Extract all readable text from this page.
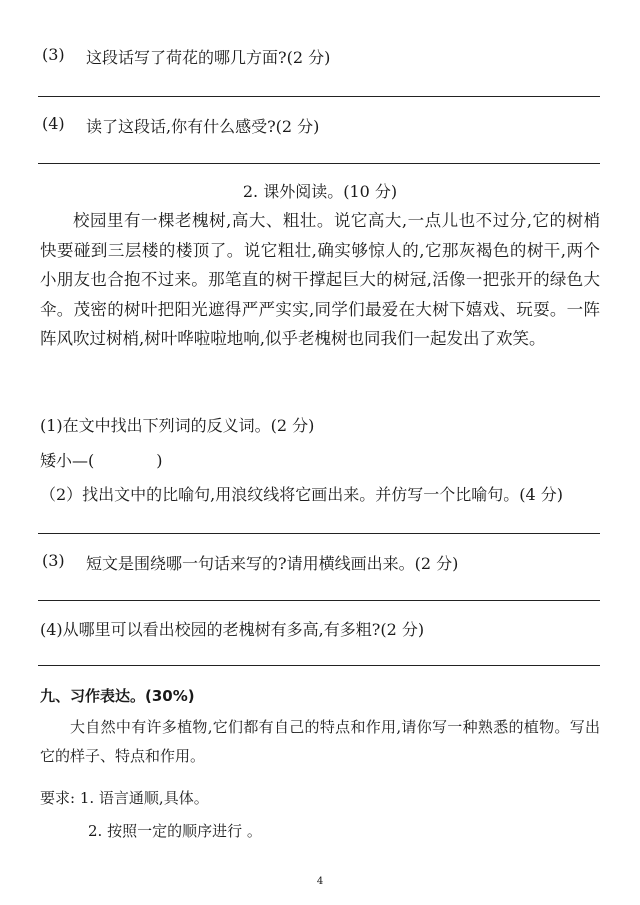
(3) 这段话写了荷花的哪几方面?(2 分)
(4) 读了这段话,你有什么感受?(2 分)
2. 课外阅读。(10 分)
校园里有一棵老槐树,高大、粗壮。说它高大,一点儿也不过分,它的树梢快要碰到三层楼的楼顶了。说它粗壮,确实够惊人的,它那灰褐色的树干,两个小朋友也合抱不过来。那笔直的树干撑起巨大的树冠,活像一把张开的绿色大伞。茂密的树叶把阳光遮得严严实实,同学们最爱在大树下嬉戏、玩耍。一阵阵风吹过树梢,树叶哗啦啦地响,似乎老槐树也同我们一起发出了欢笑。
(1)在文中找出下列词的反义词。(2 分)
矮小—(	)
（2）找出文中的比喻句,用浪纹线将它画出来。并仿写一个比喻句。(4 分)
(3) 短文是围绕哪一句话来写的?请用横线画出来。(2 分)
(4)从哪里可以看出校园的老槐树有多高,有多粗?(2 分)
九、习作表达。(30%)
大自然中有许多植物,它们都有自己的特点和作用,请你写一种熟悉的植物。写出它的样子、特点和作用。
要求: 1. 语言通顺,具体。
2. 按照一定的顺序进行 。
4
